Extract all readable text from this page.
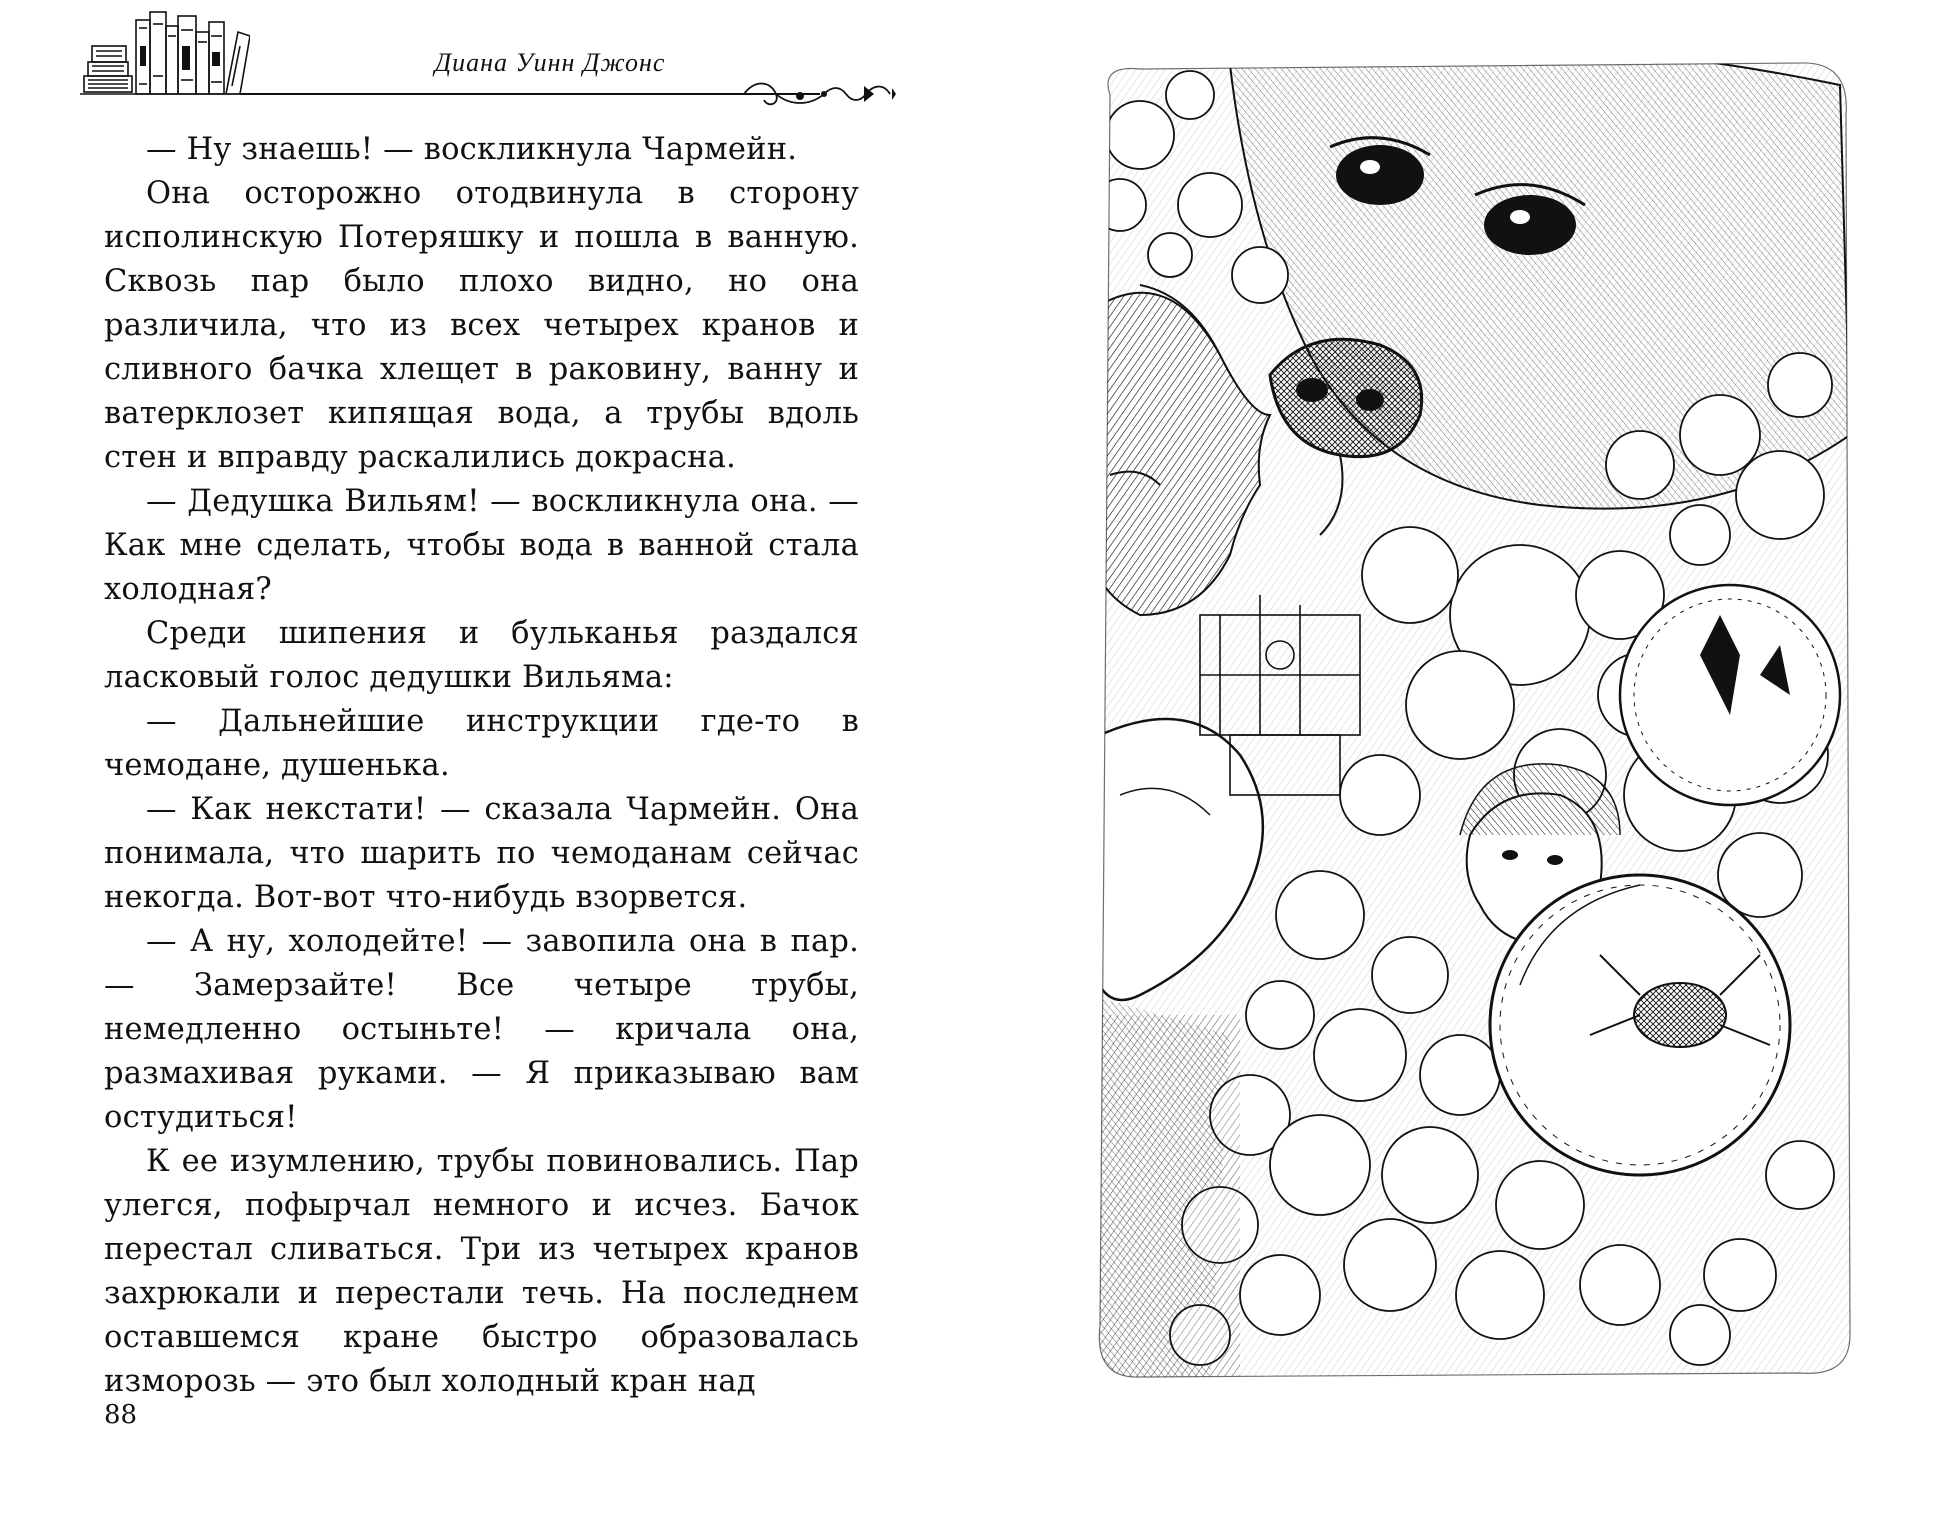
Диана Уинн Джонс

— Ну знаешь! — воскликнула Чармейн.

Она осторожно отодвинула в сторону исполинскую Потеряшку и пошла в ванную. Сквозь пар было плохо видно, но она различила, что из всех четырех кранов и сливного бачка хлещет в раковину, ванну и ватерклозет кипящая вода, а трубы вдоль стен и вправду раскалились докрасна.

— Дедушка Вильям! — воскликнула она. — Как мне сделать, чтобы вода в ванной стала холодная?

Среди шипения и бульканья раздался ласковый голос дедушки Вильяма:

— Дальнейшие инструкции где-то в чемодане, душенька.

— Как некстати! — сказала Чармейн. Она понимала, что шарить по чемоданам сейчас некогда. Вот-вот что-нибудь взорвется.

— А ну, холодейте! — завопила она в пар. — Замерзайте! Все четыре трубы, немедленно остыньте! — кричала она, размахивая руками. — Я приказываю вам остудиться!

К ее изумлению, трубы повиновались. Пар улегся, пофырчал немного и исчез. Бачок перестал сливаться. Три из четырех кранов захрюкали и перестали течь. На последнем оставшемся кране быстро образовалась изморозь — это был холодный кран над

88
